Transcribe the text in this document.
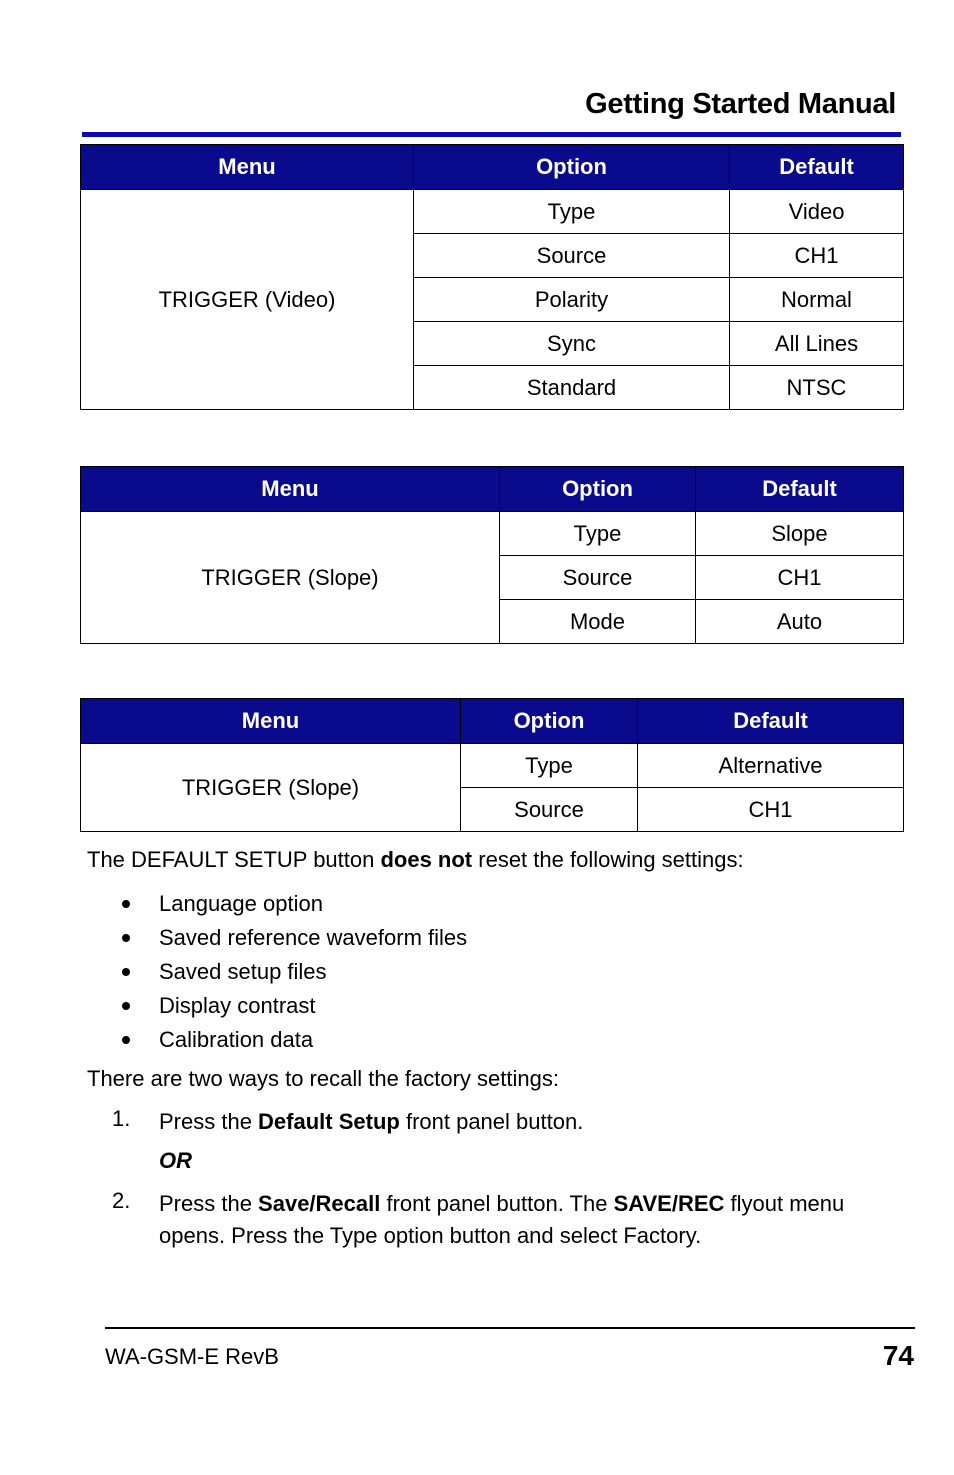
Getting Started Manual
Menu	Option	Default
TRIGGER (Video)	Type	Video
	Source	CH1
	Polarity	Normal
	Sync	All Lines
	Standard	NTSC
Menu	Option	Default
TRIGGER (Slope)	Type	Slope
	Source	CH1
	Mode	Auto
Menu	Option	Default
TRIGGER (Slope)	Type	Alternative
	Source	CH1
The DEFAULT SETUP button does not reset the following settings:
Language option
Saved reference waveform files
Saved setup files
Display contrast
Calibration data
There are two ways to recall the factory settings:
1. Press the Default Setup front panel button.
OR
2. Press the Save/Recall front panel button. The SAVE/REC flyout menu opens. Press the Type option button and select Factory.
WA-GSM-E RevB	74
